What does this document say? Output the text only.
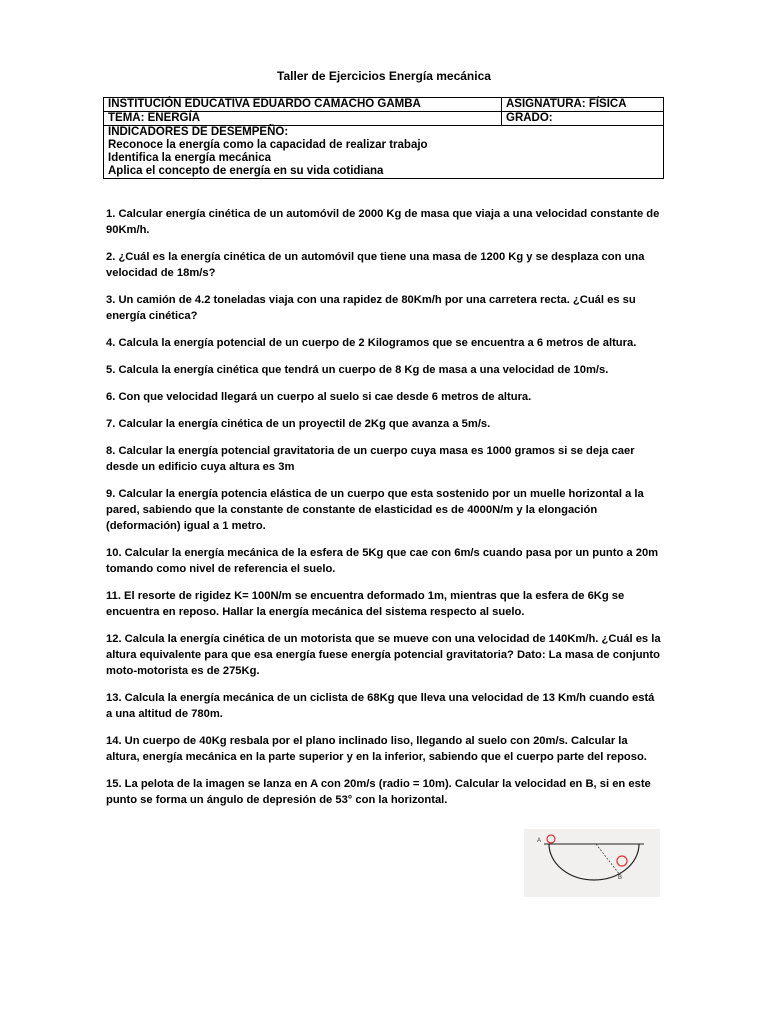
Taller de Ejercicios Energía mecánica
INSTITUCIÓN EDUCATIVA EDUARDO CAMACHO GAMBA	ASIGNATURA: FÍSICA
TEMA: ENERGÍA	GRADO:

INDICADORES DE DESEMPEÑO:
Reconoce la energía como la capacidad de realizar trabajo
Identifica la energía mecánica
Aplica el concepto de energía en su vida cotidiana	

1. Calcular energía cinética de un automóvil de 2000 Kg de masa que viaja a una velocidad constante de 90Km/h.

2. ¿Cuál es la energía cinética de un automóvil que tiene una masa de 1200 Kg y se desplaza con una velocidad de 18m/s?

3. Un camión de 4.2 toneladas viaja con una rapidez de 80Km/h por una carretera recta. ¿Cuál es su energía cinética?

4. Calcula la energía potencial de un cuerpo de 2 Kilogramos que se encuentra a 6 metros de altura.

5. Calcula la energía cinética que tendrá un cuerpo de 8 Kg de masa a una velocidad de 10m/s.

6. Con que velocidad llegará un cuerpo al suelo si cae desde 6 metros de altura.

7. Calcular la energía cinética de un proyectil de 2Kg que avanza a 5m/s.

8. Calcular la energía potencial gravitatoria de un cuerpo cuya masa es 1000 gramos si se deja caer desde un edificio cuya altura es 3m

9. Calcular la energía potencia elástica de un cuerpo que esta sostenido por un muelle horizontal a la pared, sabiendo que la constante de constante de elasticidad es de 4000N/m y la elongación (deformación) igual a 1 metro.

10. Calcular la energía mecánica de la esfera de 5Kg que cae con 6m/s cuando pasa por un punto a 20m tomando como nivel de referencia el suelo.

11. El resorte de rigidez K= 100N/m se encuentra deformado 1m, mientras que la esfera de 6Kg se encuentra en reposo. Hallar la energía mecánica del sistema respecto al suelo.

12. Calcula la energía cinética de un motorista que se mueve con una velocidad de 140Km/h. ¿Cuál es la altura equivalente para que esa energía fuese energía potencial gravitatoria? Dato: La masa de conjunto moto-motorista es de 275Kg.

13. Calcula la energía mecánica de un ciclista de 68Kg que lleva una velocidad de 13 Km/h cuando está a una altitud de 780m.

14. Un cuerpo de 40Kg resbala por el plano inclinado liso, llegando al suelo con 20m/s. Calcular la altura, energía mecánica en la parte superior y en la inferior, sabiendo que el cuerpo parte del reposo.

15. La pelota de la imagen se lanza en A con 20m/s (radio = 10m). Calcular la velocidad en B, si en este punto se forma un ángulo de depresión de 53° con la horizontal.

A
B
